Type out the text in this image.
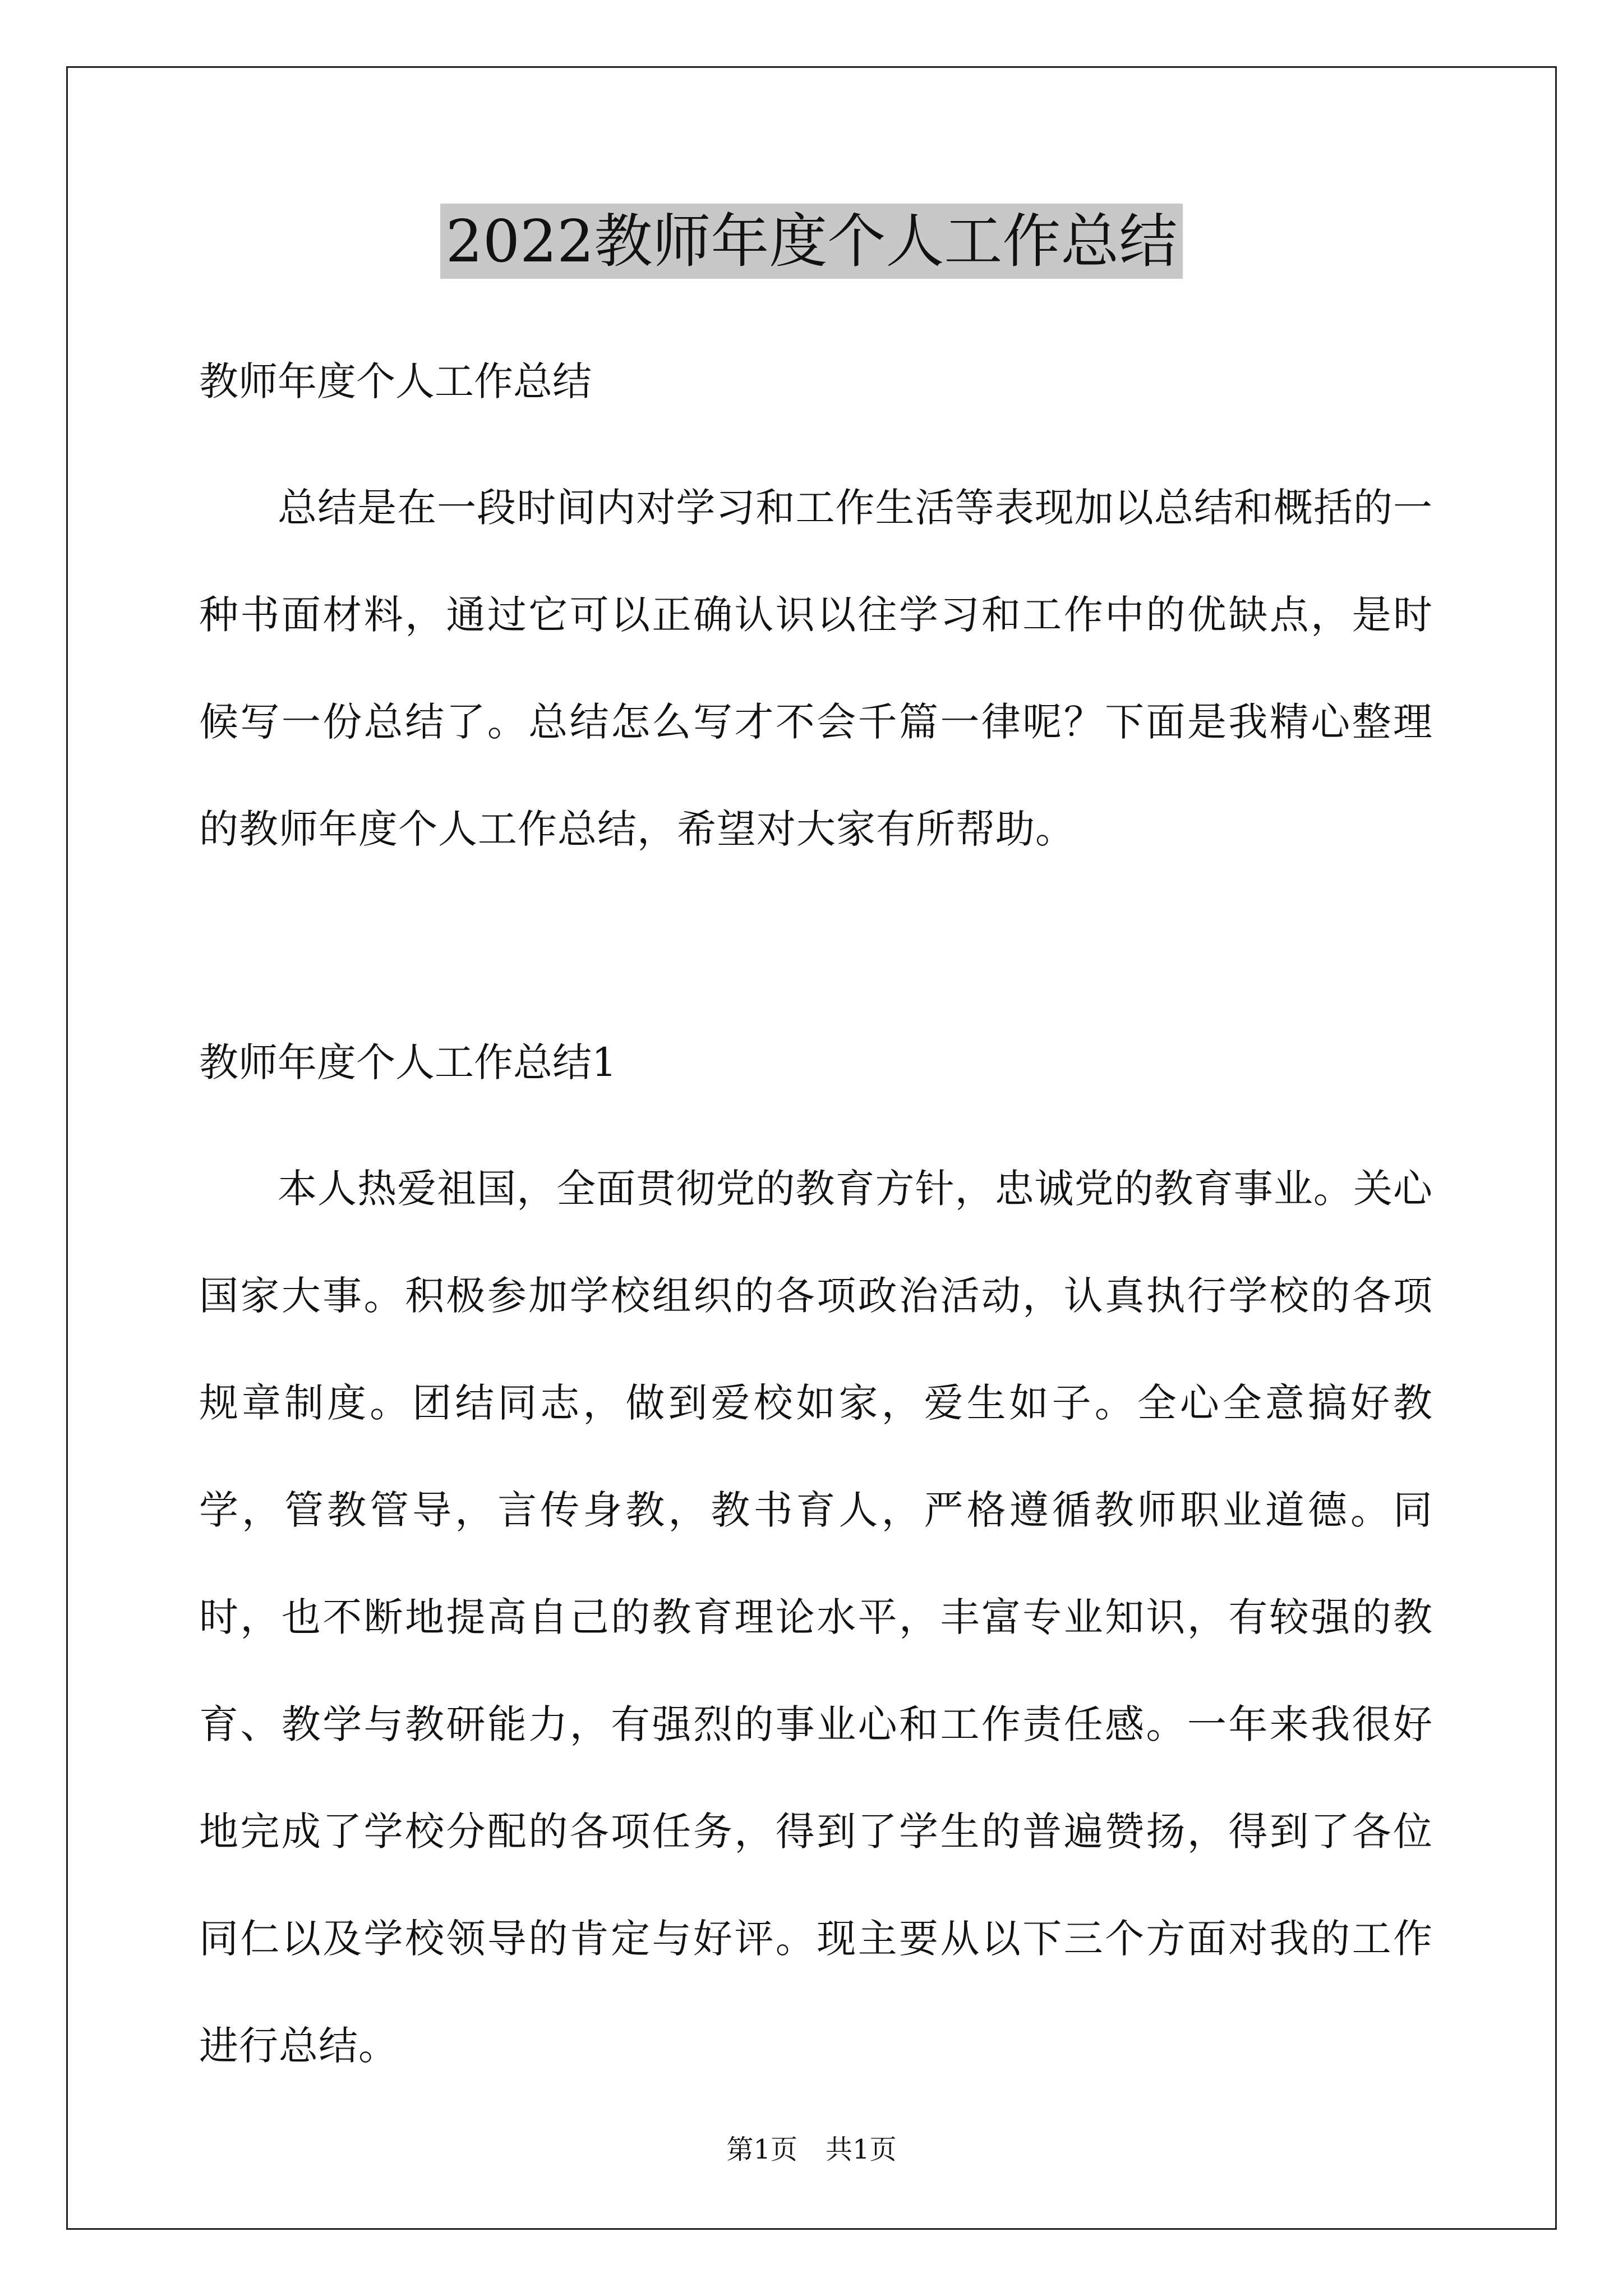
2022教师年度个人工作总结
教师年度个人工作总结
总结是在一段时间内对学习和工作生活等表现加以总结和概括的一种书面材料，通过它可以正确认识以往学习和工作中的优缺点，是时候写一份总结了。总结怎么写才不会千篇一律呢？下面是我精心整理的教师年度个人工作总结，希望对大家有所帮助。
教师年度个人工作总结1
本人热爱祖国，全面贯彻党的教育方针，忠诚党的教育事业。关心国家大事。积极参加学校组织的各项政治活动，认真执行学校的各项规章制度。团结同志，做到爱校如家，爱生如子。全心全意搞好教学，管教管导，言传身教，教书育人，严格遵循教师职业道德。同时，也不断地提高自己的教育理论水平，丰富专业知识，有较强的教育、教学与教研能力，有强烈的事业心和工作责任感。一年来我很好地完成了学校分配的各项任务，得到了学生的普遍赞扬，得到了各位同仁以及学校领导的肯定与好评。现主要从以下三个方面对我的工作进行总结。
第1页 共1页
